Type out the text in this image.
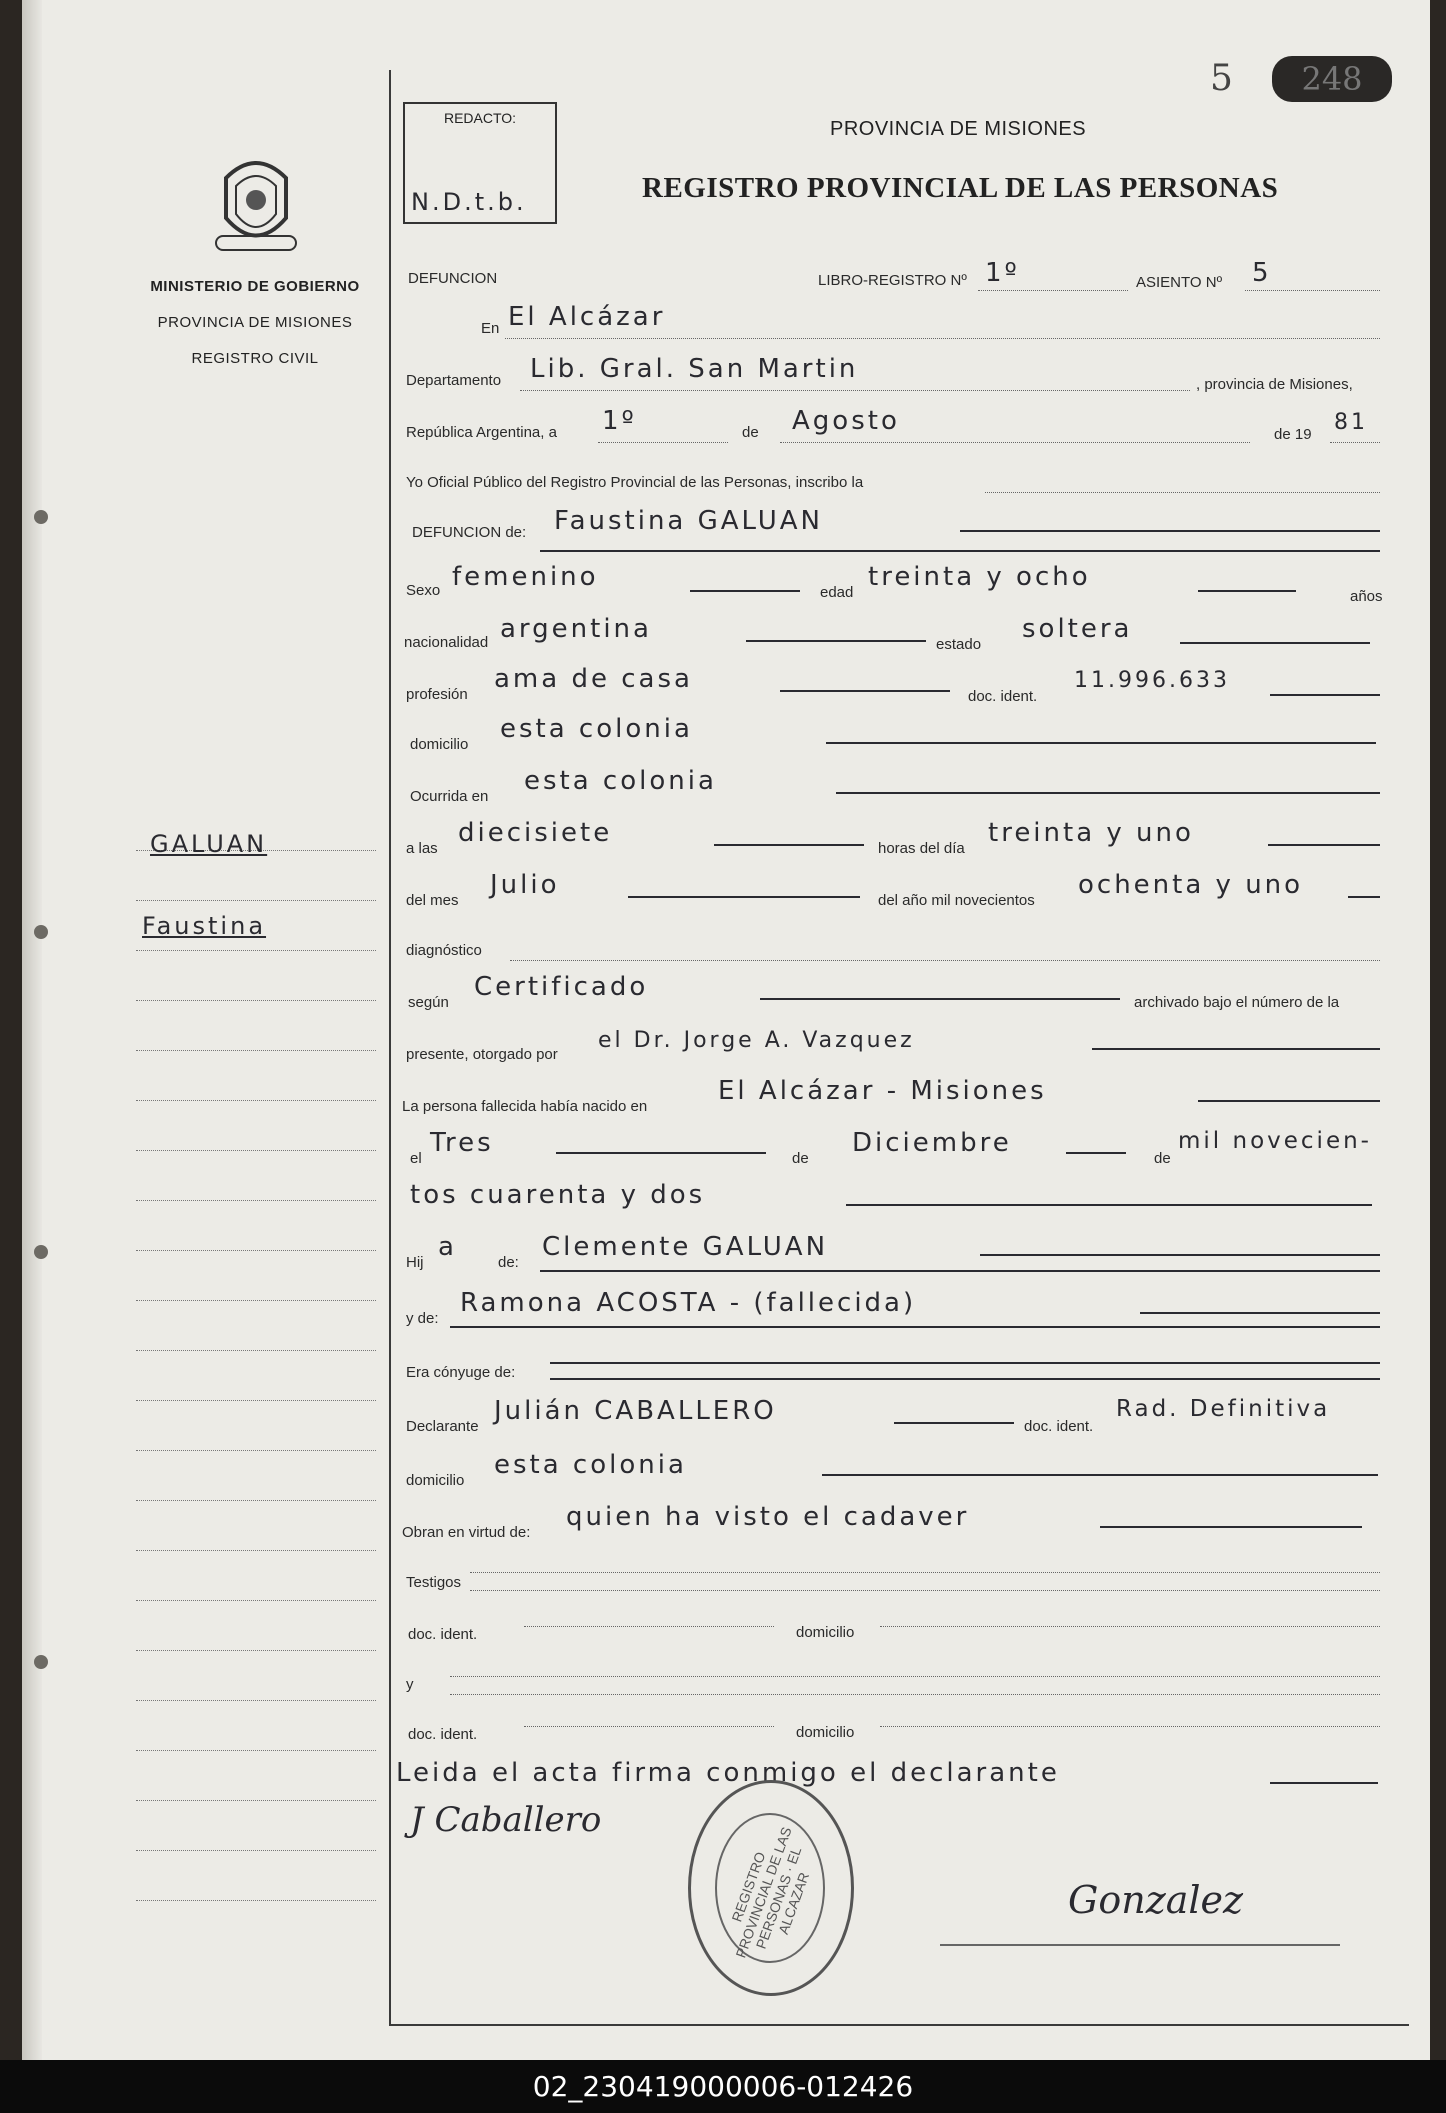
MINISTERIO DE GOBIERNO
PROVINCIA DE MISIONES
REGISTRO CIVIL
GALUAN
Faustina
REDACTO:
N.D.t.b.
5	248
PROVINCIA DE MISIONES
REGISTRO PROVINCIAL DE LAS PERSONAS
DEFUNCION	LIBRO-REGISTRO Nº 1º	ASIENTO Nº 5
En El Alcázar
Departamento Lib. Gral. San Martin
, provincia de Misiones,
República Argentina, a 1º	de Agosto	de 19 81
Yo Oficial Público del Registro Provincial de las Personas, inscribo la
DEFUNCION de: Faustina GALUAN
Sexo femenino
edad
treinta y ocho
años
nacionalidad argentina
estado
soltera
profesión
ama de casa
doc. ident.
11.996.633
domicilio
esta colonia
Ocurrida en
esta colonia
a las
diecisiete
horas del día
treinta y uno
del mes
Julio
del año mil novecientos
ochenta y uno
diagnóstico
según
Certificado
archivado bajo el número de la
presente, otorgado por
el Dr. Jorge A. Vazquez
La persona fallecida había nacido en
El Alcázar - Misiones
el
Tres
de
Diciembre
de
mil novecien-
tos cuarenta y dos
Hij
a
de:
Clemente GALUAN
y de:
Ramona ACOSTA - (fallecida)
Era cónyuge de:
Declarante
Julián CABALLERO
doc. ident.
Rad. Definitiva
domicilio
esta colonia
Obran en virtud de:
quien ha visto el cadaver
Testigos
doc. ident.	domicilio
y
doc. ident.	domicilio
Leida el acta firma conmigo el declarante
J Caballero
REGISTRO PROVINCIAL DE LAS PERSONAS · EL ALCAZAR	Gonzalez
02_230419000006-012426
